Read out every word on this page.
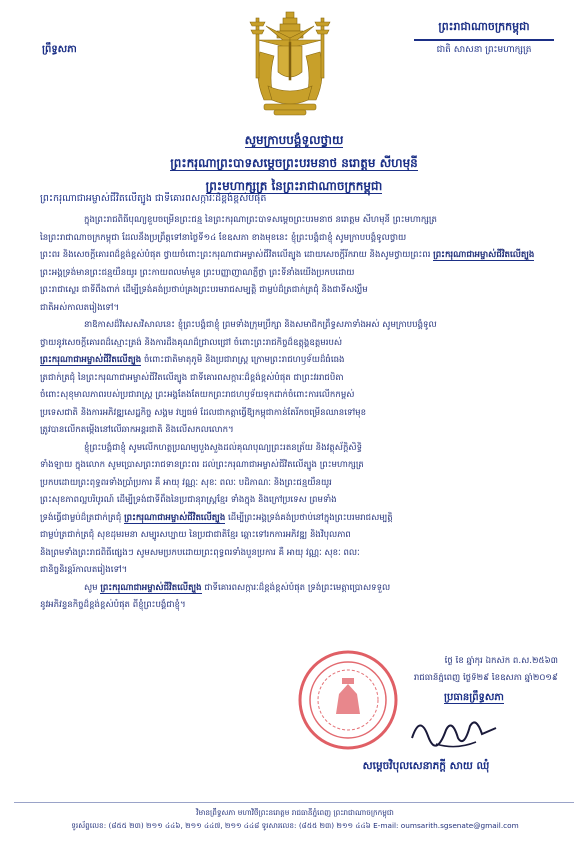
ព្រឹទ្ធសភា
ព្រះរាជាណាចក្រកម្ពុជា
ជាតិ សាសនា ព្រះមហាក្សត្រ
សូមក្រាបបង្គំទូលថ្វាយ
ព្រះករុណាព្រះបាទសម្តេចព្រះបរមនាថ នរោត្តម សីហមុនី
ព្រះមហាក្សត្រ នៃព្រះរាជាណាចក្រកម្ពុជា
ព្រះករុណាជាអម្ចាស់ជីវិតលើត្បូង ជាទីគោរពសក្ការៈដ៏ខ្ពង់ខ្ពស់បំផុត
ក្នុងព្រះរាជពិធីបុណ្យខួបចម្រើនព្រះជន្ម នៃព្រះករុណាព្រះបាទសម្តេចព្រះបរមនាថ នរោត្តម សីហមុនី ព្រះមហាក្សត្រ
នៃព្រះរាជាណាចក្រកម្ពុជា ដែលនឹងប្រព្រឹត្តទៅនាថ្ងៃទី១៤ ខែឧសភា ខាងមុខនេះ ខ្ញុំព្រះបង្គំជាខ្ញុំ សូមក្រាបបង្គំទូលថ្វាយ
ព្រះពរ និងសេចក្តីគោរពដ៏ខ្ពង់ខ្ពស់បំផុត ថ្វាយចំពោះព្រះករុណាជាអម្ចាស់ជីវិតលើត្បូង ដោយសេចក្តីរីករាយ និងសូមថ្វាយព្រះពរ ព្រះករុណាជាអម្ចាស់ជីវិតលើត្បូង
ព្រះអង្គទ្រង់មានព្រះជន្មយឺនយូរ ព្រះកាយពលមាំមួន ព្រះបញ្ញាញាណភ្លឺថ្លា ព្រះទីនាំងយើងប្រកបដោយ
ព្រះរាជាស្ថេរ ជាទីពឹងពាក់ ដើម្បីទ្រង់គង់ប្រថាប់គ្រងព្រះបរមរាជសម្បត្តិ ជាម្លប់ដ៏ត្រជាក់ត្រជុំ និងជាទីសង្ឃឹម
ជាតិអស់កាលតរៀងទៅ។
នាឱកាសដ៏វិសេសវិសាលនេះ ខ្ញុំព្រះបង្គំជាខ្ញុំ ព្រមទាំងក្រុមប្រឹក្សា និងសមាជិកព្រឹទ្ធសភាទាំងអស់ សូមក្រាបបង្គំទូល
ថ្វាយនូវសេចក្តីគោរពដ៏ស្មោះត្រង់ និងការដឹងគុណដ៏ជ្រាលជ្រៅ ចំពោះព្រះរាជកិច្ចដ៏ឧត្តុង្គឧត្តមរបស់
ព្រះករុណាជាអម្ចាស់ជីវិតលើត្បូង ចំពោះជាតិមាតុភូមិ និងប្រជារាស្រ្ត ក្រោមព្រះរាជហឫទ័យដ៏ធំធេង
ត្រជាក់ត្រជុំ នៃព្រះករុណាជាអម្ចាស់ជីវិតលើត្បូង ជាទីគោរពសក្ការៈដ៏ខ្ពង់ខ្ពស់បំផុត ជាព្រះវររាជបិតា
ចំពោះសុខុមាលភាពរបស់ប្រជារាស្រ្ត ព្រះអង្គតែងតែយកព្រះរាជហឫទ័យទុកដាក់ចំពោះការលើកកម្ពស់
ប្រទេសជាតិ និងការអភិវឌ្ឍសេដ្ឋកិច្ច សង្គម វប្បធម៌ ដែលជាកត្តាធ្វើឱ្យកម្ពុជាកាន់តែរីកចម្រើនឈានទៅមុខ
ត្រូវបានលើកតម្កើងនៅលើឆាកអន្តរជាតិ និងលើសកលលោក។
ខ្ញុំព្រះបង្គំជាខ្ញុំ សូមលើកហត្ថប្រណម្យបួងសួងដល់គុណបុណ្យព្រះរតនត្រ័យ និងវត្ថុស័ក្តិសិទ្ធិ
ទាំងឡាយ ក្នុងលោក សូមប្រោសព្រះរាជទានព្រះពរ ដល់ព្រះករុណាជាអម្ចាស់ជីវិតលើត្បូង ព្រះមហាក្សត្រ
ប្រកបដោយព្រះពុទ្ធពរទាំងប្រាំប្រការ គឺ អាយុ វណ្ណៈ សុខៈ ពលៈ បដិភាណៈ និងព្រះជន្មយឺនយូរ
ព្រះសុខភាពល្អបរិបូរណ៍ ដើម្បីទ្រង់ជាទីពឹងនៃប្រជានុរាស្ត្រខ្មែរ ទាំងក្នុង និងក្រៅប្រទេស ព្រមទាំង
ទ្រង់ធ្វើជាម្លប់ដ៏ត្រជាក់ត្រជុំ ព្រះករុណាជាអម្ចាស់ជីវិតលើត្បូង ដើម្បីព្រះអង្គទ្រង់គង់ប្រថាប់នៅក្នុងព្រះបរមរាជសម្បត្តិ
ជាម្លប់ត្រជាក់ត្រជុំ សុខដុមរមនា សម្បូរសប្បាយ នៃប្រជាជាតិខ្មែរ ឆ្ពោះទៅរកការអភិវឌ្ឍ និងវិបុលភាព
និងព្រមទាំងព្រះរាជពិធីផ្សេងៗ សូមសមប្រកបដោយព្រះពុទ្ធពរទាំងបួនប្រការ គឺ អាយុ វណ្ណៈ សុខៈ ពលៈ
ជានិច្ចនិរន្តរ៍កាលតរៀងទៅ។
សូម ព្រះករុណាជាអម្ចាស់ជីវិតលើត្បូង ជាទីគោរពសក្ការៈដ៏ខ្ពង់ខ្ពស់បំផុត ទ្រង់ព្រះមេត្តាប្រោសទទួល
នូវអភិវន្ទនកិច្ចដ៏ខ្ពង់ខ្ពស់បំផុត ពីខ្ញុំព្រះបង្គំជាខ្ញុំ។
ថ្ងៃ ខែ ឆ្នាំកុរ ឯកស័ក ព.ស.២៥៦៣
រាជធានីភ្នំពេញ ថ្ងៃទី២៩ ខែឧសភា ឆ្នាំ២០១៩
ប្រធានព្រឹទ្ធសភា
សម្តេចវិបុលសេនាភក្តី សាយ ឈុំ
វិមានព្រឹទ្ធសភា មហាវិថីព្រះនរោត្តម រាជធានីភ្នំពេញ ព្រះរាជាណាចក្រកម្ពុជា
ទូរស័ព្ទលេខ: (៨៥៥ ២៣) ២១១ ៤៤៦, ២១១ ៤៤៧, ២១១ ៤៤៨ ទូរសារលេខ: (៨៥៥ ២៣) ២១១ ៤៤៦ E-mail: oumsarith.sgsenate@gmail.com
